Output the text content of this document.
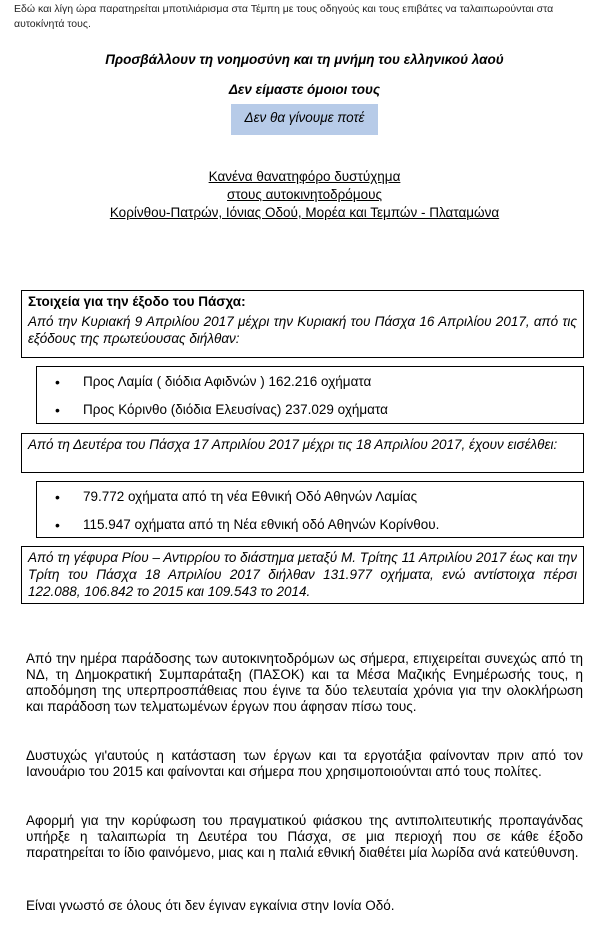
Εδώ και λίγη ώρα παρατηρείται μποτιλιάρισμα στα Τέμπη με τους οδηγούς και τους επιβάτες να ταλαιπωρούνται στα αυτοκίνητά τους.
Προσβάλλουν τη νοημοσύνη και τη μνήμη του ελληνικού λαού
Δεν είμαστε όμοιοι τους
Δεν θα γίνουμε ποτέ
Κανένα θανατηφόρο δυστύχημα
στους αυτοκινητοδρόμους
Κορίνθου-Πατρών, Ιόνιας Οδού, Μορέα και Τεμπών - Πλαταμώνα
Στοιχεία για την έξοδο του Πάσχα:
Από την Κυριακή 9 Απριλίου 2017 μέχρι την Κυριακή του Πάσχα 16 Απριλίου 2017, από τις εξόδους της πρωτεύουσας διήλθαν:
• Προς Λαμία ( διόδια Αφιδνών ) 162.216 οχήματα
• Προς Κόρινθο (διόδια Ελευσίνας) 237.029 οχήματα
Από τη Δευτέρα του Πάσχα 17 Απριλίου 2017 μέχρι τις 18 Απριλίου 2017, έχουν εισέλθει:
• 79.772 οχήματα από τη νέα Εθνική Οδό Αθηνών Λαμίας
• 115.947 οχήματα από τη Νέα εθνική οδό Αθηνών Κορίνθου.
Από τη γέφυρα Ρίου – Αντιρρίου το διάστημα μεταξύ Μ. Τρίτης 11 Απριλίου 2017 έως και την Τρίτη του Πάσχα 18 Απριλίου 2017 διήλθαν 131.977 οχήματα, ενώ αντίστοιχα πέρσι 122.088, 106.842 το 2015 και 109.543 το 2014.
Από την ημέρα παράδοσης των αυτοκινητοδρόμων ως σήμερα, επιχειρείται συνεχώς από τη ΝΔ, τη Δημοκρατική Συμπαράταξη (ΠΑΣΟΚ) και τα Μέσα Μαζικής Ενημέρωσής τους, η αποδόμηση της υπερπροσπάθειας που έγινε τα δύο τελευταία χρόνια για την ολοκλήρωση και παράδοση των τελματωμένων έργων που άφησαν πίσω τους.
Δυστυχώς γι'αυτούς η κατάσταση των έργων και τα εργοτάξια φαίνονταν πριν από τον Ιανουάριο του 2015 και φαίνονται και σήμερα που χρησιμοποιούνται από τους πολίτες.
Αφορμή για την κορύφωση του πραγματικού φιάσκου της αντιπολιτευτικής προπαγάνδας υπήρξε η ταλαιπωρία τη Δευτέρα του Πάσχα, σε μια περιοχή που σε κάθε έξοδο παρατηρείται το ίδιο φαινόμενο, μιας και η παλιά εθνική διαθέτει μία λωρίδα ανά κατεύθυνση.
Είναι γνωστό σε όλους ότι δεν έγιναν εγκαίνια στην Ιονία Οδό.
